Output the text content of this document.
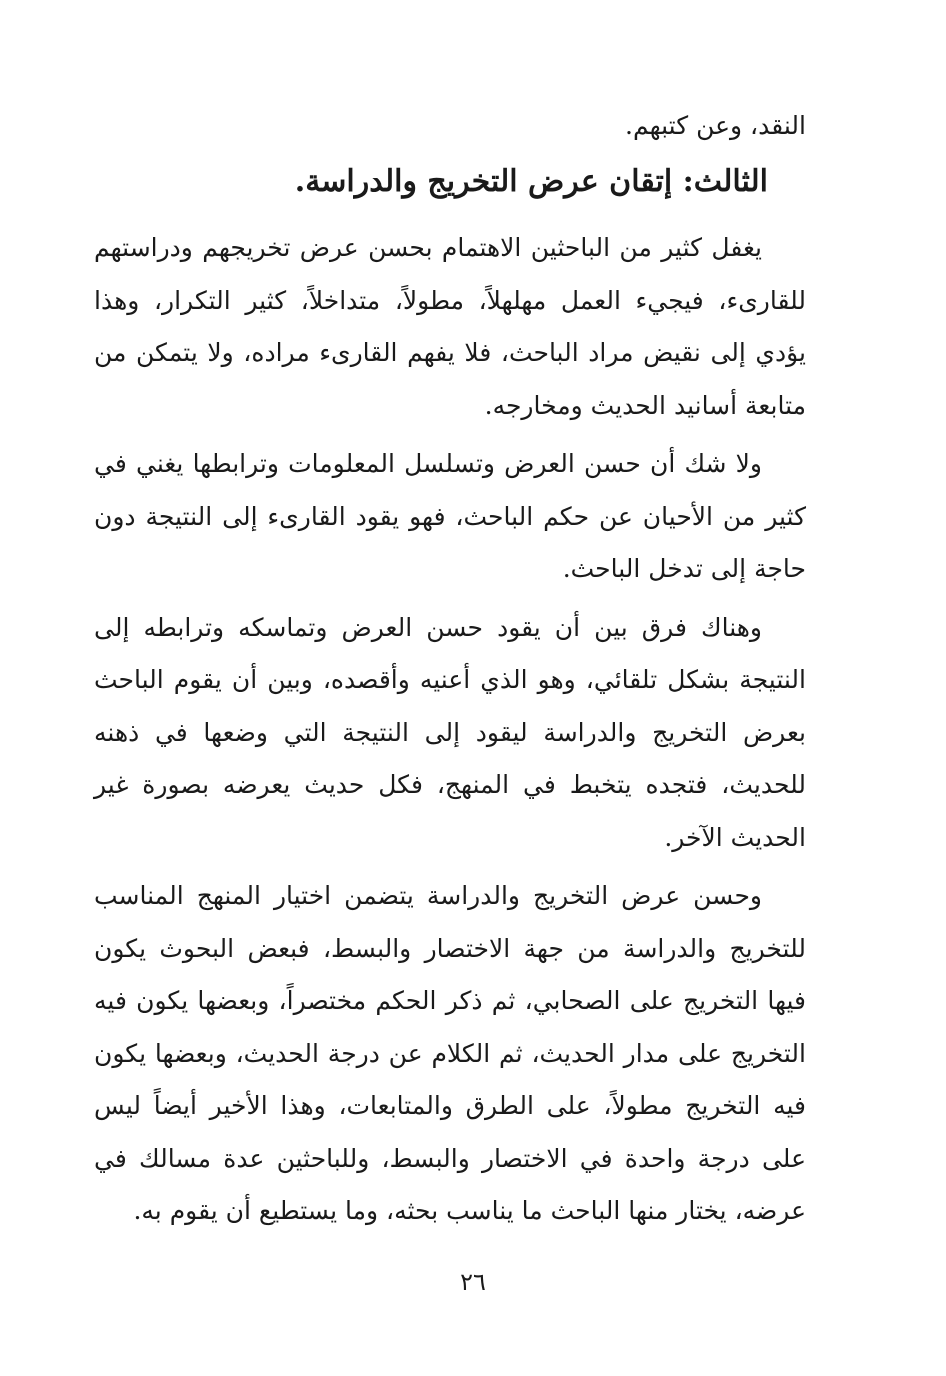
النقد، وعن كتبهم.

الثالث: إتقان عرض التخريج والدراسة.

يغفل كثير من الباحثين الاهتمام بحسن عرض تخريجهم ودراستهم للقارىء، فيجيء العمل مهلهلاً، مطولاً، متداخلاً، كثير التكرار، وهذا يؤدي إلى نقيض مراد الباحث، فلا يفهم القارىء مراده، ولا يتمكن من متابعة أسانيد الحديث ومخارجه.

ولا شك أن حسن العرض وتسلسل المعلومات وترابطها يغني في كثير من الأحيان عن حكم الباحث، فهو يقود القارىء إلى النتيجة دون حاجة إلى تدخل الباحث.

وهناك فرق بين أن يقود حسن العرض وتماسكه وترابطه إلى النتيجة بشكل تلقائي، وهو الذي أعنيه وأقصده، وبين أن يقوم الباحث بعرض التخريج والدراسة ليقود إلى النتيجة التي وضعها في ذهنه للحديث، فتجده يتخبط في المنهج، فكل حديث يعرضه بصورة غير الحديث الآخر.

وحسن عرض التخريج والدراسة يتضمن اختيار المنهج المناسب للتخريج والدراسة من جهة الاختصار والبسط، فبعض البحوث يكون فيها التخريج على الصحابي، ثم ذكر الحكم مختصراً، وبعضها يكون فيه التخريج على مدار الحديث، ثم الكلام عن درجة الحديث، وبعضها يكون فيه التخريج مطولاً، على الطرق والمتابعات، وهذا الأخير أيضاً ليس على درجة واحدة في الاختصار والبسط، وللباحثين عدة مسالك في عرضه، يختار منها الباحث ما يناسب بحثه، وما يستطيع أن يقوم به.

٢٦
